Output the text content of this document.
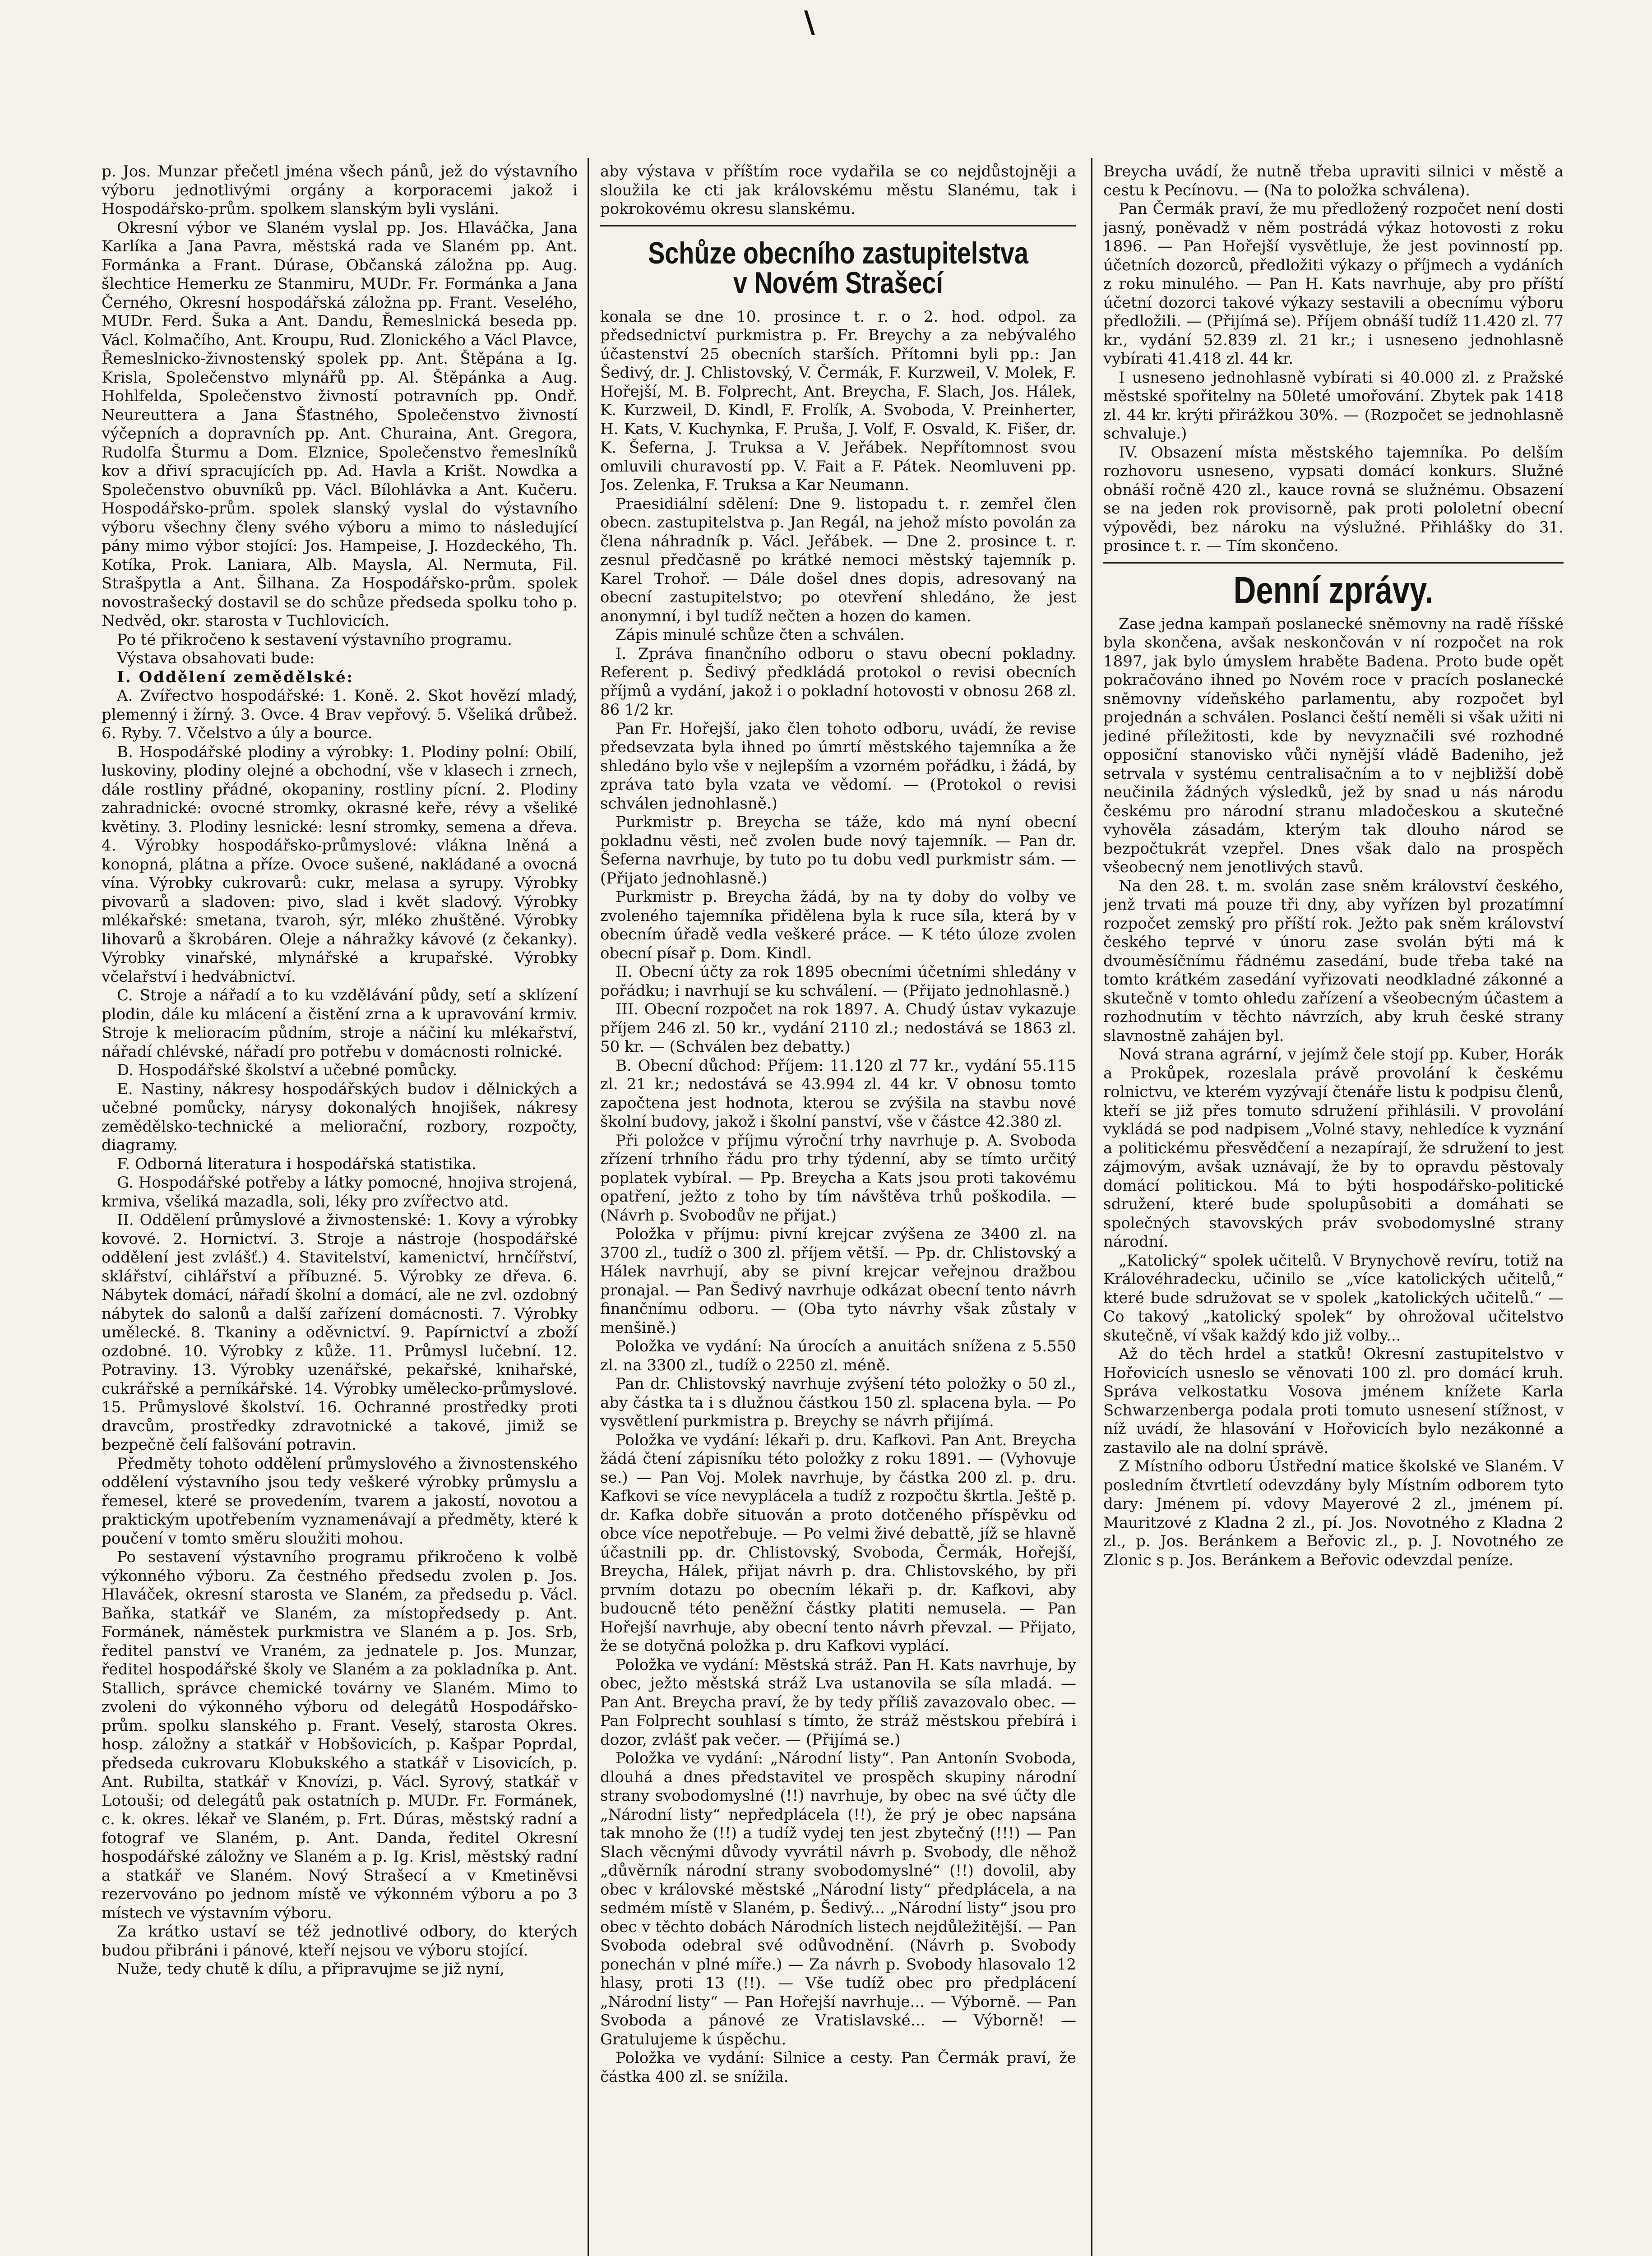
\

p. Jos. Munzar přečetl jména všech pánů, jež do výstavního výboru jednotlivými orgány a korporacemi jakož i Hospodářsko-prům. spolkem slanským byli vysláni.

Okresní výbor ve Slaném vyslal pp. Jos. Hlaváčka, Jana Karlíka a Jana Pavra, městská rada ve Slaném pp. Ant. Formánka a Frant. Dúrase, Občanská záložna pp. Aug. šlechtice Hemerku ze Stanmiru, MUDr. Fr. Formánka a Jana Černého, Okresní hospodářská záložna pp. Frant. Veselého, MUDr. Ferd. Šuka a Ant. Dandu, Řemeslnická beseda pp. Václ. Kolmačího, Ant. Kroupu, Rud. Zlonického a Václ Plavce, Řemeslnicko-živnostenský spolek pp. Ant. Štěpána a Ig. Krisla, Společenstvo mlynářů pp. Al. Štěpánka a Aug. Hohlfelda, Společenstvo živností potravních pp. Ondř. Neureuttera a Jana Šťastného, Společenstvo živností výčepních a dopravních pp. Ant. Churaina, Ant. Gregora, Rudolfa Šturmu a Dom. Elznice, Společenstvo řemeslníků kov a dřiví spracujících pp. Ad. Havla a Krišt. Nowdka a Společenstvo obuvníků pp. Václ. Bílohlávka a Ant. Kučeru. Hospodářsko-prům. spolek slanský vyslal do výstavního výboru všechny členy svého výboru a mimo to následující pány mimo výbor stojící: Jos. Hampeise, J. Hozdeckého, Th. Kotíka, Prok. Laniara, Alb. Maysla, Al. Nermuta, Fil. Strašpytla a Ant. Šilhana. Za Hospodářsko-prům. spolek novostrašecký dostavil se do schůze předseda spolku toho p. Nedvěd, okr. starosta v Tuchlovicích.

Po té přikročeno k sestavení výstavního programu.

Výstava obsahovati bude:

I. Oddělení zemědělské:

A. Zvířectvo hospodářské: 1. Koně. 2. Skot hovězí mladý, plemenný i žírný. 3. Ovce. 4 Brav vepřový. 5. Všeliká drůbež. 6. Ryby. 7. Včelstvo a úly a bource.

B. Hospodářské plodiny a výrobky: 1. Plodiny polní: Obilí, luskoviny, plodiny olejné a obchodní, vše v klasech i zrnech, dále rostliny přádné, okopaniny, rostliny pícní. 2. Plodiny zahradnické: ovocné stromky, okrasné keře, révy a všeliké květiny. 3. Plodiny lesnické: lesní stromky, semena a dřeva. 4. Výrobky hospodářsko-průmyslové: vlákna lněná a konopná, plátna a příze. Ovoce sušené, nakládané a ovocná vína. Výrobky cukrovarů: cukr, melasa a syrupy. Výrobky pivovarů a sladoven: pivo, slad i květ sladový. Výrobky mlékařské: smetana, tvaroh, sýr, mléko zhuštěné. Výrobky lihovarů a škrobáren. Oleje a náhražky kávové (z čekanky). Výrobky vinařské, mlynářské a krupařské. Výrobky včelařství i hedvábnictví.

C. Stroje a nářadí a to ku vzdělávání půdy, setí a sklízení plodin, dále ku mlácení a čistění zrna a k upravování krmiv. Stroje k melioracím půdním, stroje a náčiní ku mlékařství, nářadí chlévské, nářadí pro potřebu v domácnosti rolnické.

D. Hospodářské školství a učebné pomůcky.

E. Nastiny, nákresy hospodářských budov i dělnických a učebné pomůcky, nárysy dokonalých hnojišek, nákresy zemědělsko-technické a meliorační, rozbory, rozpočty, diagramy.

F. Odborná literatura i hospodářská statistika.

G. Hospodářské potřeby a látky pomocné, hnojiva strojená, krmiva, všeliká mazadla, soli, léky pro zvířectvo atd.

II. Oddělení průmyslové a živnostenské: 1. Kovy a výrobky kovové. 2. Hornictví. 3. Stroje a nástroje (hospodářské oddělení jest zvlášť.) 4. Stavitelství, kamenictví, hrnčířství, sklářství, cihlářství a příbuzné. 5. Výrobky ze dřeva. 6. Nábytek domácí, nářadí školní a domácí, ale ne zvl. ozdobný nábytek do salonů a další zařízení domácnosti. 7. Výrobky umělecké. 8. Tkaniny a oděvnictví. 9. Papírnictví a zboží ozdobné. 10. Výrobky z kůže. 11. Průmysl lučební. 12. Potraviny. 13. Výrobky uzenářské, pekařské, knihařské, cukrářské a perníkářské. 14. Výrobky umělecko-průmyslové. 15. Průmyslové školství. 16. Ochranné prostředky proti dravcům, prostředky zdravotnické a takové, jimiž se bezpečně čelí falšování potravin.

Předměty tohoto oddělení průmyslového a živnostenského oddělení výstavního jsou tedy veškeré výrobky průmyslu a řemesel, které se provedením, tvarem a jakostí, novotou a praktickým upotřebením vyznamenávají a předměty, které k poučení v tomto směru sloužiti mohou.

Po sestavení výstavního programu přikročeno k volbě výkonného výboru. Za čestného předsedu zvolen p. Jos. Hlaváček, okresní starosta ve Slaném, za předsedu p. Václ. Baňka, statkář ve Slaném, za místopředsedy p. Ant. Formánek, náměstek purkmistra ve Slaném a p. Jos. Srb, ředitel panství ve Vraném, za jednatele p. Jos. Munzar, ředitel hospodářské školy ve Slaném a za pokladníka p. Ant. Stallich, správce chemické továrny ve Slaném. Mimo to zvoleni do výkonného výboru od delegátů Hospodářsko-prům. spolku slanského p. Frant. Veselý, starosta Okres. hosp. záložny a statkář v Hobšovicích, p. Kašpar Poprdal, předseda cukrovaru Klobukského a statkář v Lisovicích, p. Ant. Rubilta, statkář v Knovízi, p. Václ. Syrový, statkář v Lotouši; od delegátů pak ostatních p. MUDr. Fr. Formánek, c. k. okres. lékař ve Slaném, p. Frt. Dúras, městský radní a fotograf ve Slaném, p. Ant. Danda, ředitel Okresní hospodářské záložny ve Slaném a p. Ig. Krisl, městský radní a statkář ve Slaném. Nový Strašecí a v Kmetiněvsi rezervováno po jednom místě ve výkonném výboru a po 3 místech ve výstavním výboru.

Za krátko ustaví se též jednotlivé odbory, do kterých budou přibráni i pánové, kteří nejsou ve výboru stojící.

Nuže, tedy chutě k dílu, a připravujme se již nyní,

aby výstava v příštím roce vydařila se co nejdůstojněji a sloužila ke cti jak královskému městu Slanému, tak i pokrokovému okresu slanskému.

Schůze obecního zastupitelstva v Novém Strašecí

konala se dne 10. prosince t. r. o 2. hod. odpol. za předsednictví purkmistra p. Fr. Breychy a za nebývalého účastenství 25 obecních starších. Přítomni byli pp.: Jan Šedivý, dr. J. Chlistovský, V. Čermák, F. Kurzweil, V. Molek, F. Hořejší, M. B. Folprecht, Ant. Breycha, F. Slach, Jos. Hálek, K. Kurzweil, D. Kindl, F. Frolík, A. Svoboda, V. Preinherter, H. Kats, V. Kuchynka, F. Pruša, J. Volf, F. Osvald, K. Fišer, dr. K. Šeferna, J. Truksa a V. Jeřábek. Nepřítomnost svou omluvili churavostí pp. V. Fait a F. Pátek. Neomluveni pp. Jos. Zelenka, F. Truksa a Kar Neumann.

Praesidiální sdělení: Dne 9. listopadu t. r. zemřel člen obecn. zastupitelstva p. Jan Regál, na jehož místo povolán za člena náhradník p. Václ. Jeřábek. — Dne 2. prosince t. r. zesnul předčasně po krátké nemoci městský tajemník p. Karel Trohoř. — Dále došel dnes dopis, adresovaný na obecní zastupitelstvo; po otevření shledáno, že jest anonymní, i byl tudíž nečten a hozen do kamen.

Zápis minulé schůze čten a schválen.

I. Zpráva finančního odboru o stavu obecní pokladny. Referent p. Šedivý předkládá protokol o revisi obecních příjmů a vydání, jakož i o pokladní hotovosti v obnosu 268 zl. 86 1/2 kr.

Pan Fr. Hořejší, jako člen tohoto odboru, uvádí, že revise předsevzata byla ihned po úmrtí městského tajemníka a že shledáno bylo vše v nejlepším a vzorném pořádku, i žádá, by zpráva tato byla vzata ve vědomí. — (Protokol o revisi schválen jednohlasně.)

Purkmistr p. Breycha se táže, kdo má nyní obecní pokladnu věsti, neč zvolen bude nový tajemník. — Pan dr. Šeferna navrhuje, by tuto po tu dobu vedl purkmistr sám. — (Přijato jednohlasně.)

Purkmistr p. Breycha žádá, by na ty doby do volby ve zvoleného tajemníka přidělena byla k ruce síla, která by v obecním úřadě vedla veškeré práce. — K této úloze zvolen obecní písař p. Dom. Kindl.

II. Obecní účty za rok 1895 obecními účetními shledány v pořádku; i navrhují se ku schválení. — (Přijato jednohlasně.)

III. Obecní rozpočet na rok 1897. A. Chudý ústav vykazuje příjem 246 zl. 50 kr., vydání 2110 zl.; nedostává se 1863 zl. 50 kr. — (Schválen bez debatty.)

B. Obecní důchod: Příjem: 11.120 zl 77 kr., vydání 55.115 zl. 21 kr.; nedostává se 43.994 zl. 44 kr. V obnosu tomto započtena jest hodnota, kterou se zvýšila na stavbu nové školní budovy, jakož i školní panství, vše v částce 42.380 zl.

Při položce v příjmu výroční trhy navrhuje p. A. Svoboda zřízení trhního řádu pro trhy týdenní, aby se tímto určitý poplatek vybíral. — Pp. Breycha a Kats jsou proti takovému opatření, ježto z toho by tím návštěva trhů poškodila. — (Návrh p. Svobodův ne přijat.)

Položka v příjmu: pivní krejcar zvýšena ze 3400 zl. na 3700 zl., tudíž o 300 zl. příjem větší. — Pp. dr. Chlistovský a Hálek navrhují, aby se pivní krejcar veřejnou dražbou pronajal. — Pan Šedivý navrhuje odkázat obecní tento návrh finančnímu odboru. — (Oba tyto návrhy však zůstaly v menšině.)

Položka ve vydání: Na úrocích a anuitách snížena z 5.550 zl. na 3300 zl., tudíž o 2250 zl. méně.

Pan dr. Chlistovský navrhuje zvýšení této položky o 50 zl., aby částka ta i s dlužnou částkou 150 zl. splacena byla. — Po vysvětlení purkmistra p. Breychy se návrh přijímá.

Položka ve vydání: lékaři p. dru. Kafkovi. Pan Ant. Breycha žádá čtení zápisníku této položky z roku 1891. — (Vyhovuje se.) — Pan Voj. Molek navrhuje, by částka 200 zl. p. dru. Kafkovi se více nevyplácela a tudíž z rozpočtu škrtla. Ještě p. dr. Kafka dobře situován a proto dotčeného příspěvku od obce více nepotřebuje. — Po velmi živé debattě, jíž se hlavně účastnili pp. dr. Chlistovský, Svoboda, Čermák, Hořejší, Breycha, Hálek, přijat návrh p. dra. Chlistovského, by při prvním dotazu po obecním lékaři p. dr. Kafkovi, aby budoucně této peněžní částky platiti nemusela. — Pan Hořejší navrhuje, aby obecní tento návrh převzal. — Přijato, že se dotyčná položka p. dru Kafkovi vyplácí.

Položka ve vydání: Městská stráž. Pan H. Kats navrhuje, by obec, ježto městská stráž Lva ustanovila se síla mladá. — Pan Ant. Breycha praví, že by tedy příliš zavazovalo obec. — Pan Folprecht souhlasí s tímto, že stráž městskou přebírá i dozor, zvlášť pak večer. — (Přijímá se.)

Položka ve vydání: „Národní listy“. Pan Antonín Svoboda, dlouhá a dnes představitel ve prospěch skupiny národní strany svobodomyslné (!!) navrhuje, by obec na své účty dle „Národní listy“ nepředplácela (!!), že prý je obec napsána tak mnoho že (!!) a tudíž vydej ten jest zbytečný (!!!) — Pan Slach věcnými důvody vyvrátil návrh p. Svobody, dle něhož „důvěrník národní strany svobodomyslné“ (!!) dovolil, aby obec v královské městské „Národní listy“ předplácela, a na sedmém místě v Slaném, p. Šedivý... „Národní listy“ jsou pro obec v těchto dobách Národních listech nejdůležitější. — Pan Svoboda odebral své odůvodnění. (Návrh p. Svobody ponechán v plné míře.) — Za návrh p. Svobody hlasovalo 12 hlasy, proti 13 (!!). — Vše tudíž obec pro předplácení „Národní listy“ — Pan Hořejší navrhuje... — Výborně. — Pan Svoboda a pánové ze Vratislavské... — Výborně! — Gratulujeme k úspěchu.

Položka ve vydání: Silnice a cesty. Pan Čermák praví, že částka 400 zl. se snížila.

Breycha uvádí, že nutně třeba upraviti silnici v městě a cestu k Pecínovu. — (Na to položka schválena).

Pan Čermák praví, že mu předložený rozpočet není dosti jasný, poněvadž v něm postrádá výkaz hotovosti z roku 1896. — Pan Hořejší vysvětluje, že jest povinností pp. účetních dozorců, předložiti výkazy o příjmech a vydáních z roku minulého. — Pan H. Kats navrhuje, aby pro příští účetní dozorci takové výkazy sestavili a obecnímu výboru předložili. — (Přijímá se). Příjem obnáší tudíž 11.420 zl. 77 kr., vydání 52.839 zl. 21 kr.; i usneseno jednohlasně vybírati 41.418 zl. 44 kr.

I usneseno jednohlasně vybírati si 40.000 zl. z Pražské městské spořitelny na 50leté umořování. Zbytek pak 1418 zl. 44 kr. krýti přirážkou 30%. — (Rozpočet se jednohlasně schvaluje.)

IV. Obsazení místa městského tajemníka. Po delším rozhovoru usneseno, vypsati domácí konkurs. Služné obnáší ročně 420 zl., kauce rovná se služnému. Obsazení se na jeden rok provisorně, pak proti pololetní obecní výpovědi, bez nároku na výslužné. Přihlášky do 31. prosince t. r. — Tím skončeno.

Denní zprávy.

Zase jedna kampaň poslanecké sněmovny na radě říšské byla skončena, avšak neskončován v ní rozpočet na rok 1897, jak bylo úmyslem hraběte Badena. Proto bude opět pokračováno ihned po Novém roce v pracích poslanecké sněmovny vídeňského parlamentu, aby rozpočet byl projednán a schválen. Poslanci čeští neměli si však užiti ni jediné příležitosti, kde by nevyznačili své rozhodné opposiční stanovisko vůči nynější vládě Badeniho, jež setrvala v systému centralisačním a to v nejbližší době neučinila žádných výsledků, jež by snad u nás národu českému pro národní stranu mladočeskou a skutečné vyhověla zásadám, kterým tak dlouho národ se bezpočtukrát vzepřel. Dnes však dalo na prospěch všeobecný nem jenotlivých stavů.

Na den 28. t. m. svolán zase sněm království českého, jenž trvati má pouze tři dny, aby vyřízen byl prozatímní rozpočet zemský pro příští rok. Ježto pak sněm království českého teprvé v únoru zase svolán býti má k dvouměsíčnímu řádnému zasedání, bude třeba také na tomto krátkém zasedání vyřizovati neodkladné zákonné a skutečně v tomto ohledu zařízení a všeobecným účastem a rozhodnutím v těchto návrzích, aby kruh české strany slavnostně zahájen byl.

Nová strana agrární, v jejímž čele stojí pp. Kuber, Horák a Prokůpek, rozeslala právě provolání k českému rolnictvu, ve kterém vyzývají čtenáře listu k podpisu členů, kteří se již přes tomuto sdružení přihlásili. V provolání vykládá se pod nadpisem „Volné stavy, nehledíce k vyznání a politickému přesvědčení a nezapírají, že sdružení to jest zájmovým, avšak uznávají, že by to opravdu pěstovaly domácí politickou. Má to býti hospodářsko-politické sdružení, které bude spolupůsobiti a domáhati se společných stavovských práv svobodomyslné strany národní.

„Katolický“ spolek učitelů. V Brynychově revíru, totiž na Královéhradecku, učinilo se „více katolických učitelů,“ které bude sdružovat se v spolek „katolických učitelů.“ — Co takový „katolický spolek“ by ohrožoval učitelstvo skutečně, ví však každý kdo již volby...

Až do těch hrdel a statků! Okresní zastupitelstvo v Hořovicích usneslo se věnovati 100 zl. pro domácí kruh. Správa velkostatku Vosova jménem knížete Karla Schwarzenberga podala proti tomuto usnesení stížnost, v níž uvádí, že hlasování v Hořovicích bylo nezákonné a zastavilo ale na dolní správě.

Z Místního odboru Ústřední matice školské ve Slaném. V posledním čtvrtletí odevzdány byly Místním odborem tyto dary: Jménem pí. vdovy Mayerové 2 zl., jménem pí. Mauritzové z Kladna 2 zl., pí. Jos. Novotného z Kladna 2 zl., p. Jos. Beránkem a Beřovic zl., p. J. Novotného ze Zlonic s p. Jos. Beránkem a Beřovic odevzdal peníze.
